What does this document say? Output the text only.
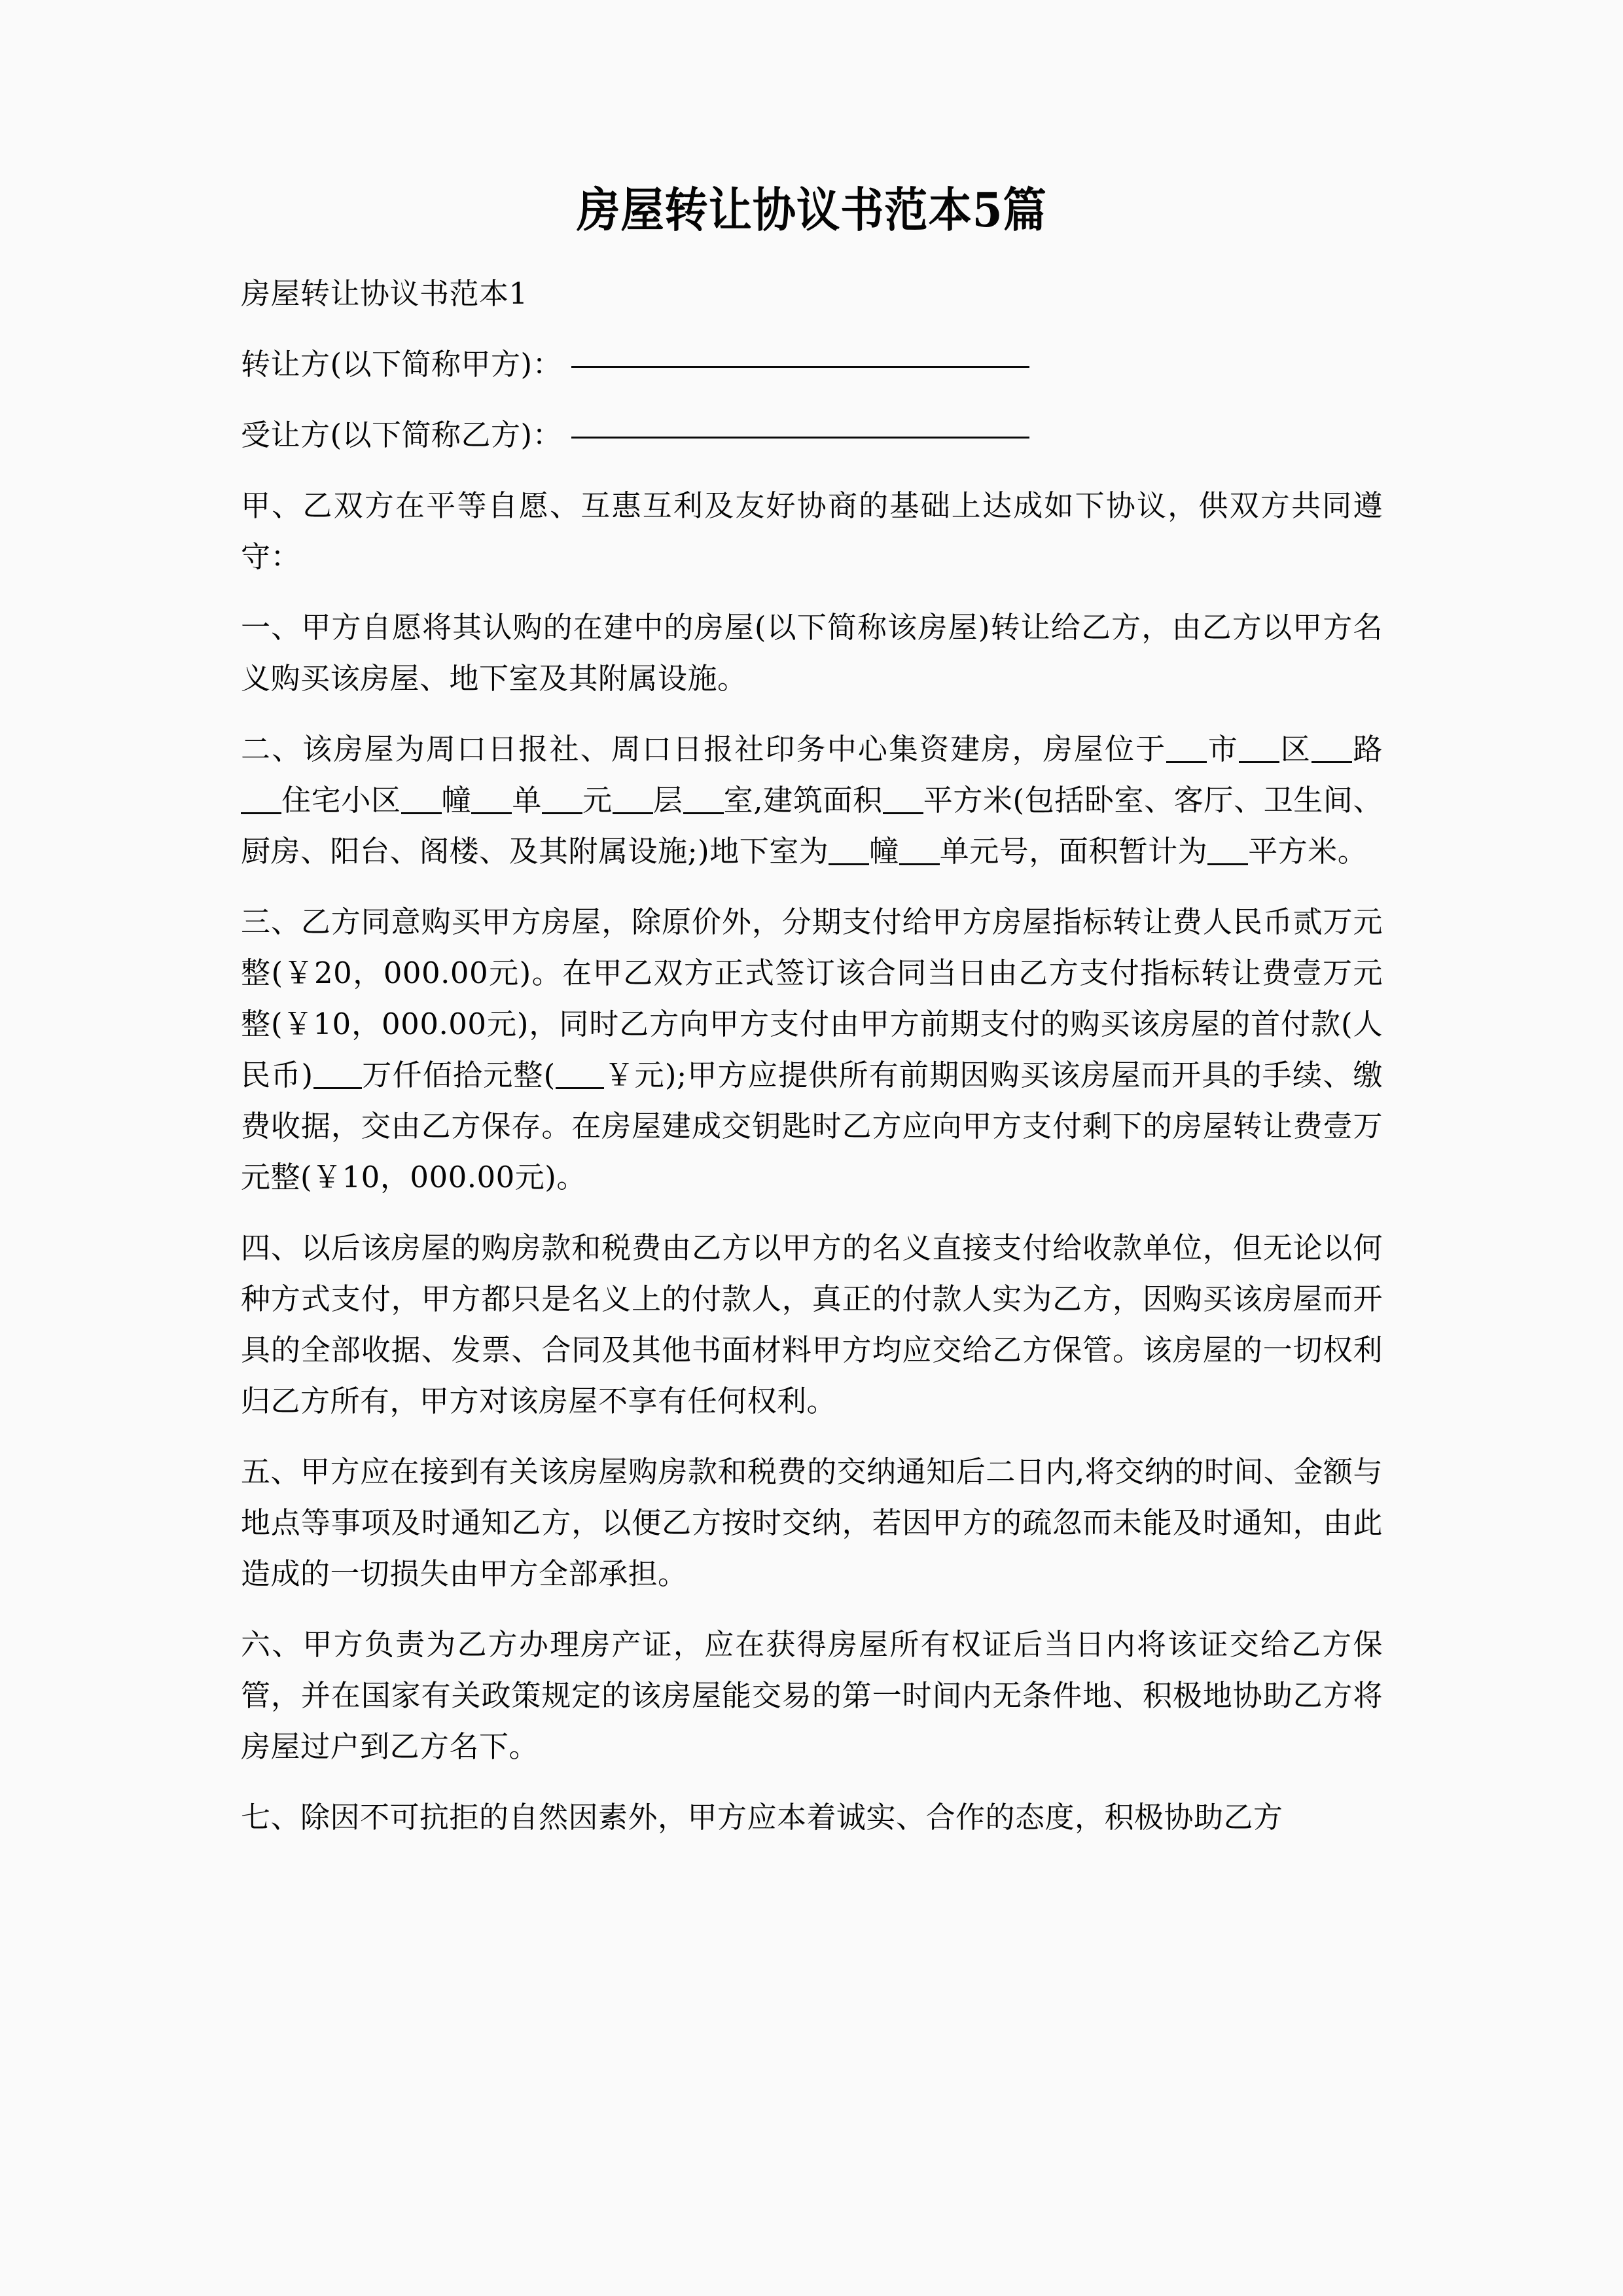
房屋转让协议书范本5篇

房屋转让协议书范本1

转让方(以下简称甲方)：

受让方(以下简称乙方)：

甲、乙双方在平等自愿、互惠互利及友好协商的基础上达成如下协议，供双方共同遵守：

一、甲方自愿将其认购的在建中的房屋(以下简称该房屋)转让给乙方，由乙方以甲方名义购买该房屋、地下室及其附属设施。

二、该房屋为周口日报社、周口日报社印务中心集资建房，房屋位于 市 区 路住宅小区 幢 单 元 层 室,建筑面积 平方米(包括卧室、客厅、卫生间、厨房、阳台、阁楼、及其附属设施;)地下室为 幢 单元号，面积暂计为 平方米。

三、乙方同意购买甲方房屋，除原价外，分期支付给甲方房屋指标转让费人民币贰万元整(￥20，000.00元)。在甲乙双方正式签订该合同当日由乙方支付指标转让费壹万元整(￥10，000.00元)，同时乙方向甲方支付由甲方前期支付的购买该房屋的首付款(人民币) 万仟佰拾元整( ￥元);甲方应提供所有前期因购买该房屋而开具的手续、缴费收据，交由乙方保存。在房屋建成交钥匙时乙方应向甲方支付剩下的房屋转让费壹万元整(￥10，000.00元)。

四、以后该房屋的购房款和税费由乙方以甲方的名义直接支付给收款单位，但无论以何种方式支付，甲方都只是名义上的付款人，真正的付款人实为乙方，因购买该房屋而开具的全部收据、发票、合同及其他书面材料甲方均应交给乙方保管。该房屋的一切权利归乙方所有，甲方对该房屋不享有任何权利。

五、甲方应在接到有关该房屋购房款和税费的交纳通知后二日内,将交纳的时间、金额与地点等事项及时通知乙方，以便乙方按时交纳，若因甲方的疏忽而未能及时通知，由此造成的一切损失由甲方全部承担。

六、甲方负责为乙方办理房产证，应在获得房屋所有权证后当日内将该证交给乙方保管，并在国家有关政策规定的该房屋能交易的第一时间内无条件地、积极地协助乙方将房屋过户到乙方名下。

七、除因不可抗拒的自然因素外，甲方应本着诚实、合作的态度，积极协助乙方
